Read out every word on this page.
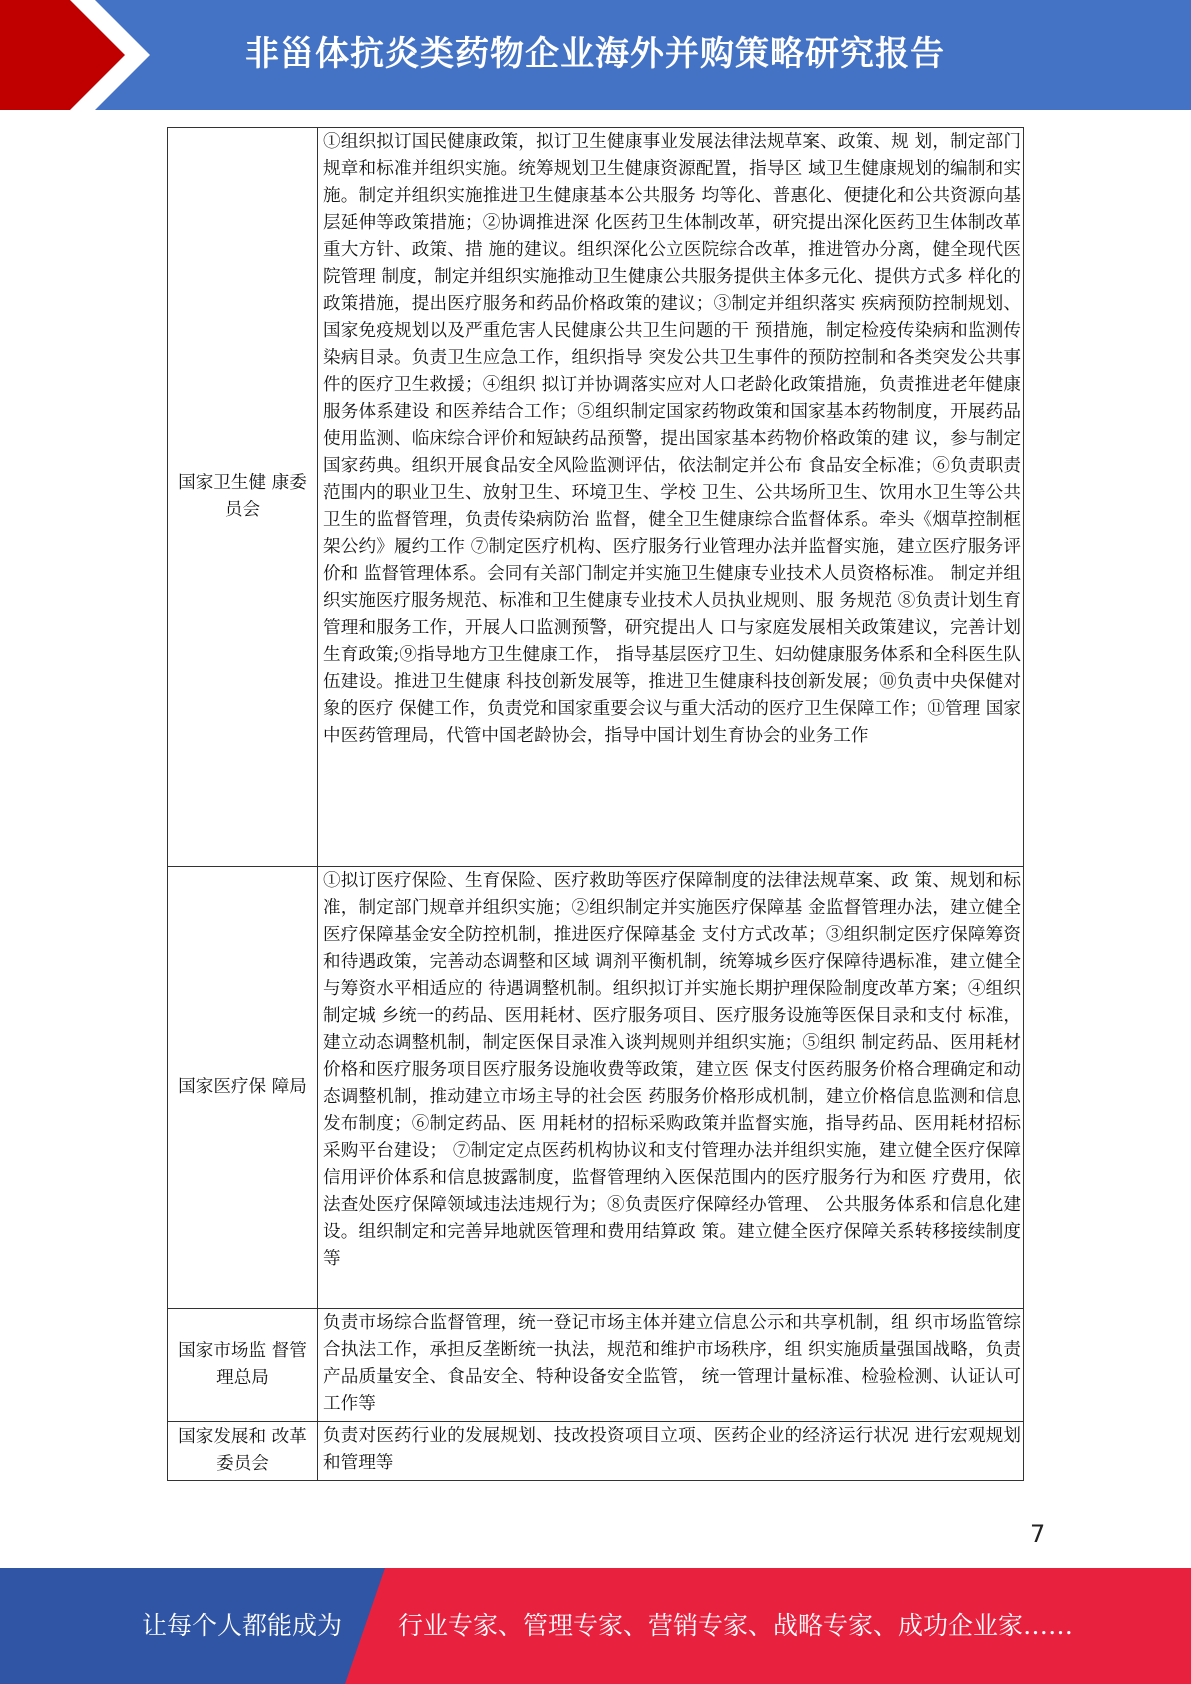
非甾体抗炎类药物企业海外并购策略研究报告
国家卫生健 康委员会	①组织拟订国民健康政策，拟订卫生健康事业发展法律法规草案、政策、规 划，制定部门规章和标准并组织实施。统筹规划卫生健康资源配置，指导区 域卫生健康规划的编制和实施。制定并组织实施推进卫生健康基本公共服务 均等化、普惠化、便捷化和公共资源向基层延伸等政策措施；②协调推进深 化医药卫生体制改革，研究提出深化医药卫生体制改革重大方针、政策、措 施的建议。组织深化公立医院综合改革，推进管办分离，健全现代医院管理 制度，制定并组织实施推动卫生健康公共服务提供主体多元化、提供方式多 样化的政策措施，提出医疗服务和药品价格政策的建议；③制定并组织落实 疾病预防控制规划、国家免疫规划以及严重危害人民健康公共卫生问题的干 预措施，制定检疫传染病和监测传染病目录。负责卫生应急工作，组织指导 突发公共卫生事件的预防控制和各类突发公共事件的医疗卫生救援；④组织 拟订并协调落实应对人口老龄化政策措施，负责推进老年健康服务体系建设 和医养结合工作；⑤组织制定国家药物政策和国家基本药物制度，开展药品 使用监测、临床综合评价和短缺药品预警，提出国家基本药物价格政策的建 议，参与制定国家药典。组织开展食品安全风险监测评估，依法制定并公布 食品安全标准；⑥负责职责范围内的职业卫生、放射卫生、环境卫生、学校 卫生、公共场所卫生、饮用水卫生等公共卫生的监督管理，负责传染病防治 监督，健全卫生健康综合监督体系。牵头《烟草控制框架公约》履约工作 ⑦制定医疗机构、医疗服务行业管理办法并监督实施，建立医疗服务评价和 监督管理体系。会同有关部门制定并实施卫生健康专业技术人员资格标准。 制定并组织实施医疗服务规范、标准和卫生健康专业技术人员执业规则、服 务规范 ⑧负责计划生育管理和服务工作，开展人口监测预警，研究提出人 口与家庭发展相关政策建议，完善计划生育政策;⑨指导地方卫生健康工作， 指导基层医疗卫生、妇幼健康服务体系和全科医生队伍建设。推进卫生健康 科技创新发展等，推进卫生健康科技创新发展；⑩负责中央保健对象的医疗 保健工作，负责党和国家重要会议与重大活动的医疗卫生保障工作；⑪管理 国家中医药管理局，代管中国老龄协会，指导中国计划生育协会的业务工作
国家医疗保 障局	①拟订医疗保险、生育保险、医疗救助等医疗保障制度的法律法规草案、政 策、规划和标准，制定部门规章并组织实施；②组织制定并实施医疗保障基 金监督管理办法，建立健全医疗保障基金安全防控机制，推进医疗保障基金 支付方式改革；③组织制定医疗保障筹资和待遇政策，完善动态调整和区域 调剂平衡机制，统筹城乡医疗保障待遇标准，建立健全与筹资水平相适应的 待遇调整机制。组织拟订并实施长期护理保险制度改革方案；④组织制定城 乡统一的药品、医用耗材、医疗服务项目、医疗服务设施等医保目录和支付 标准，建立动态调整机制，制定医保目录准入谈判规则并组织实施；⑤组织 制定药品、医用耗材价格和医疗服务项目医疗服务设施收费等政策，建立医 保支付医药服务价格合理确定和动态调整机制，推动建立市场主导的社会医 药服务价格形成机制，建立价格信息监测和信息发布制度；⑥制定药品、医 用耗材的招标采购政策并监督实施，指导药品、医用耗材招标采购平台建设； ⑦制定定点医药机构协议和支付管理办法并组织实施，建立健全医疗保障信用评价体系和信息披露制度，监督管理纳入医保范围内的医疗服务行为和医 疗费用，依法查处医疗保障领域违法违规行为；⑧负责医疗保障经办管理、 公共服务体系和信息化建设。组织制定和完善异地就医管理和费用结算政 策。建立健全医疗保障关系转移接续制度等
国家市场监 督管理总局	负责市场综合监督管理，统一登记市场主体并建立信息公示和共享机制，组 织市场监管综合执法工作，承担反垄断统一执法，规范和维护市场秩序，组 织实施质量强国战略，负责产品质量安全、食品安全、特种设备安全监管， 统一管理计量标准、检验检测、认证认可工作等
国家发展和 改革委员会	负责对医药行业的发展规划、技改投资项目立项、医药企业的经济运行状况 进行宏观规划和管理等
7
让每个人都能成为 行业专家、管理专家、营销专家、战略专家、成功企业家……
